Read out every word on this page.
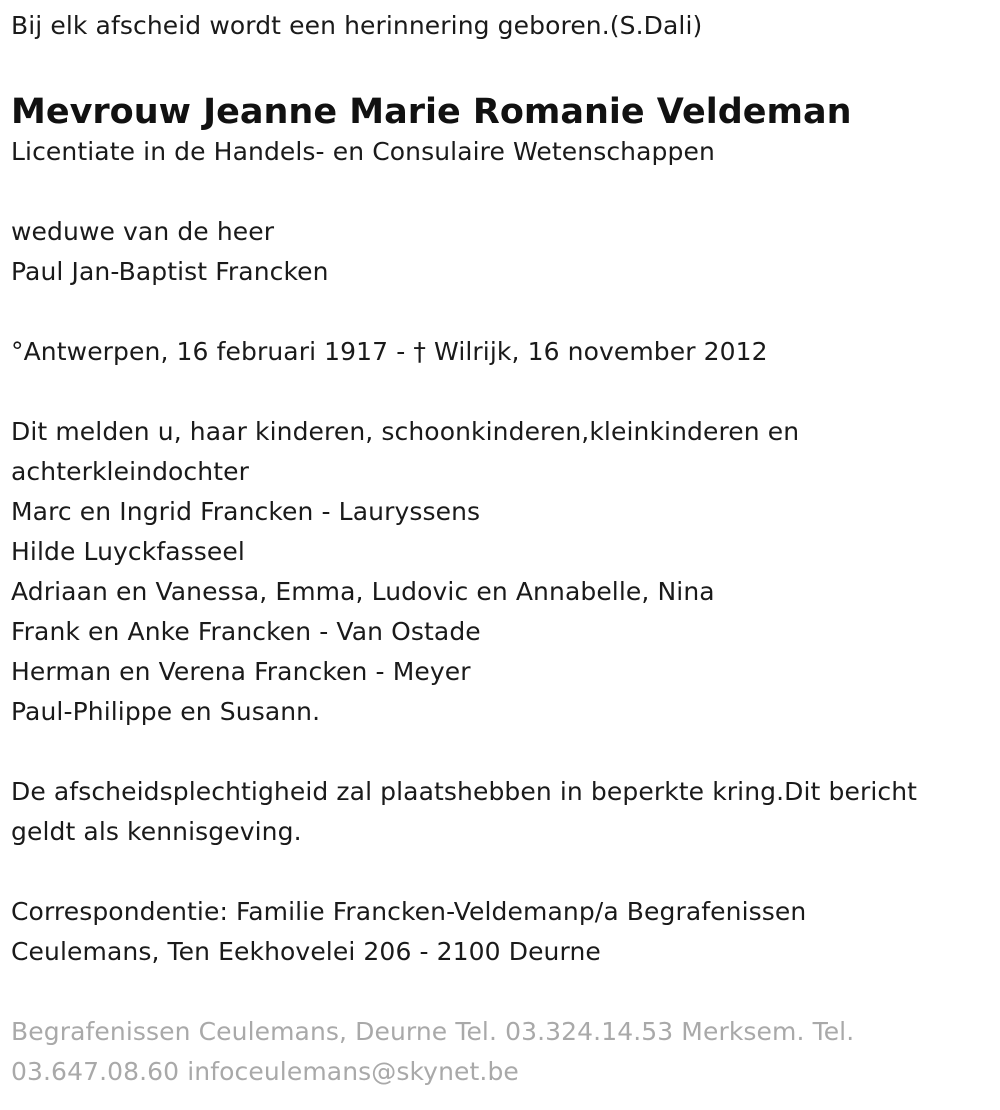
Bij elk afscheid wordt een herinnering geboren.(S.Dali)
Mevrouw Jeanne Marie Romanie Veldeman
Licentiate in de Handels- en Consulaire Wetenschappen
weduwe van de heer
Paul Jan-Baptist Francken
°Antwerpen, 16 februari 1917 - † Wilrijk, 16 november 2012
Dit melden u, haar kinderen, schoonkinderen,kleinkinderen en
achterkleindochter
Marc en Ingrid Francken - Lauryssens
Hilde Luyckfasseel
Adriaan en Vanessa, Emma, Ludovic en Annabelle, Nina
Frank en Anke Francken - Van Ostade
Herman en Verena Francken - Meyer
Paul-Philippe en Susann.
De afscheidsplechtigheid zal plaatshebben in beperkte kring.Dit bericht
geldt als kennisgeving.
Correspondentie: Familie Francken-Veldemanp/a Begrafenissen
Ceulemans, Ten Eekhovelei 206 - 2100 Deurne
Begrafenissen Ceulemans, Deurne Tel. 03.324.14.53 Merksem. Tel.
03.647.08.60 infoceulemans@skynet.be
